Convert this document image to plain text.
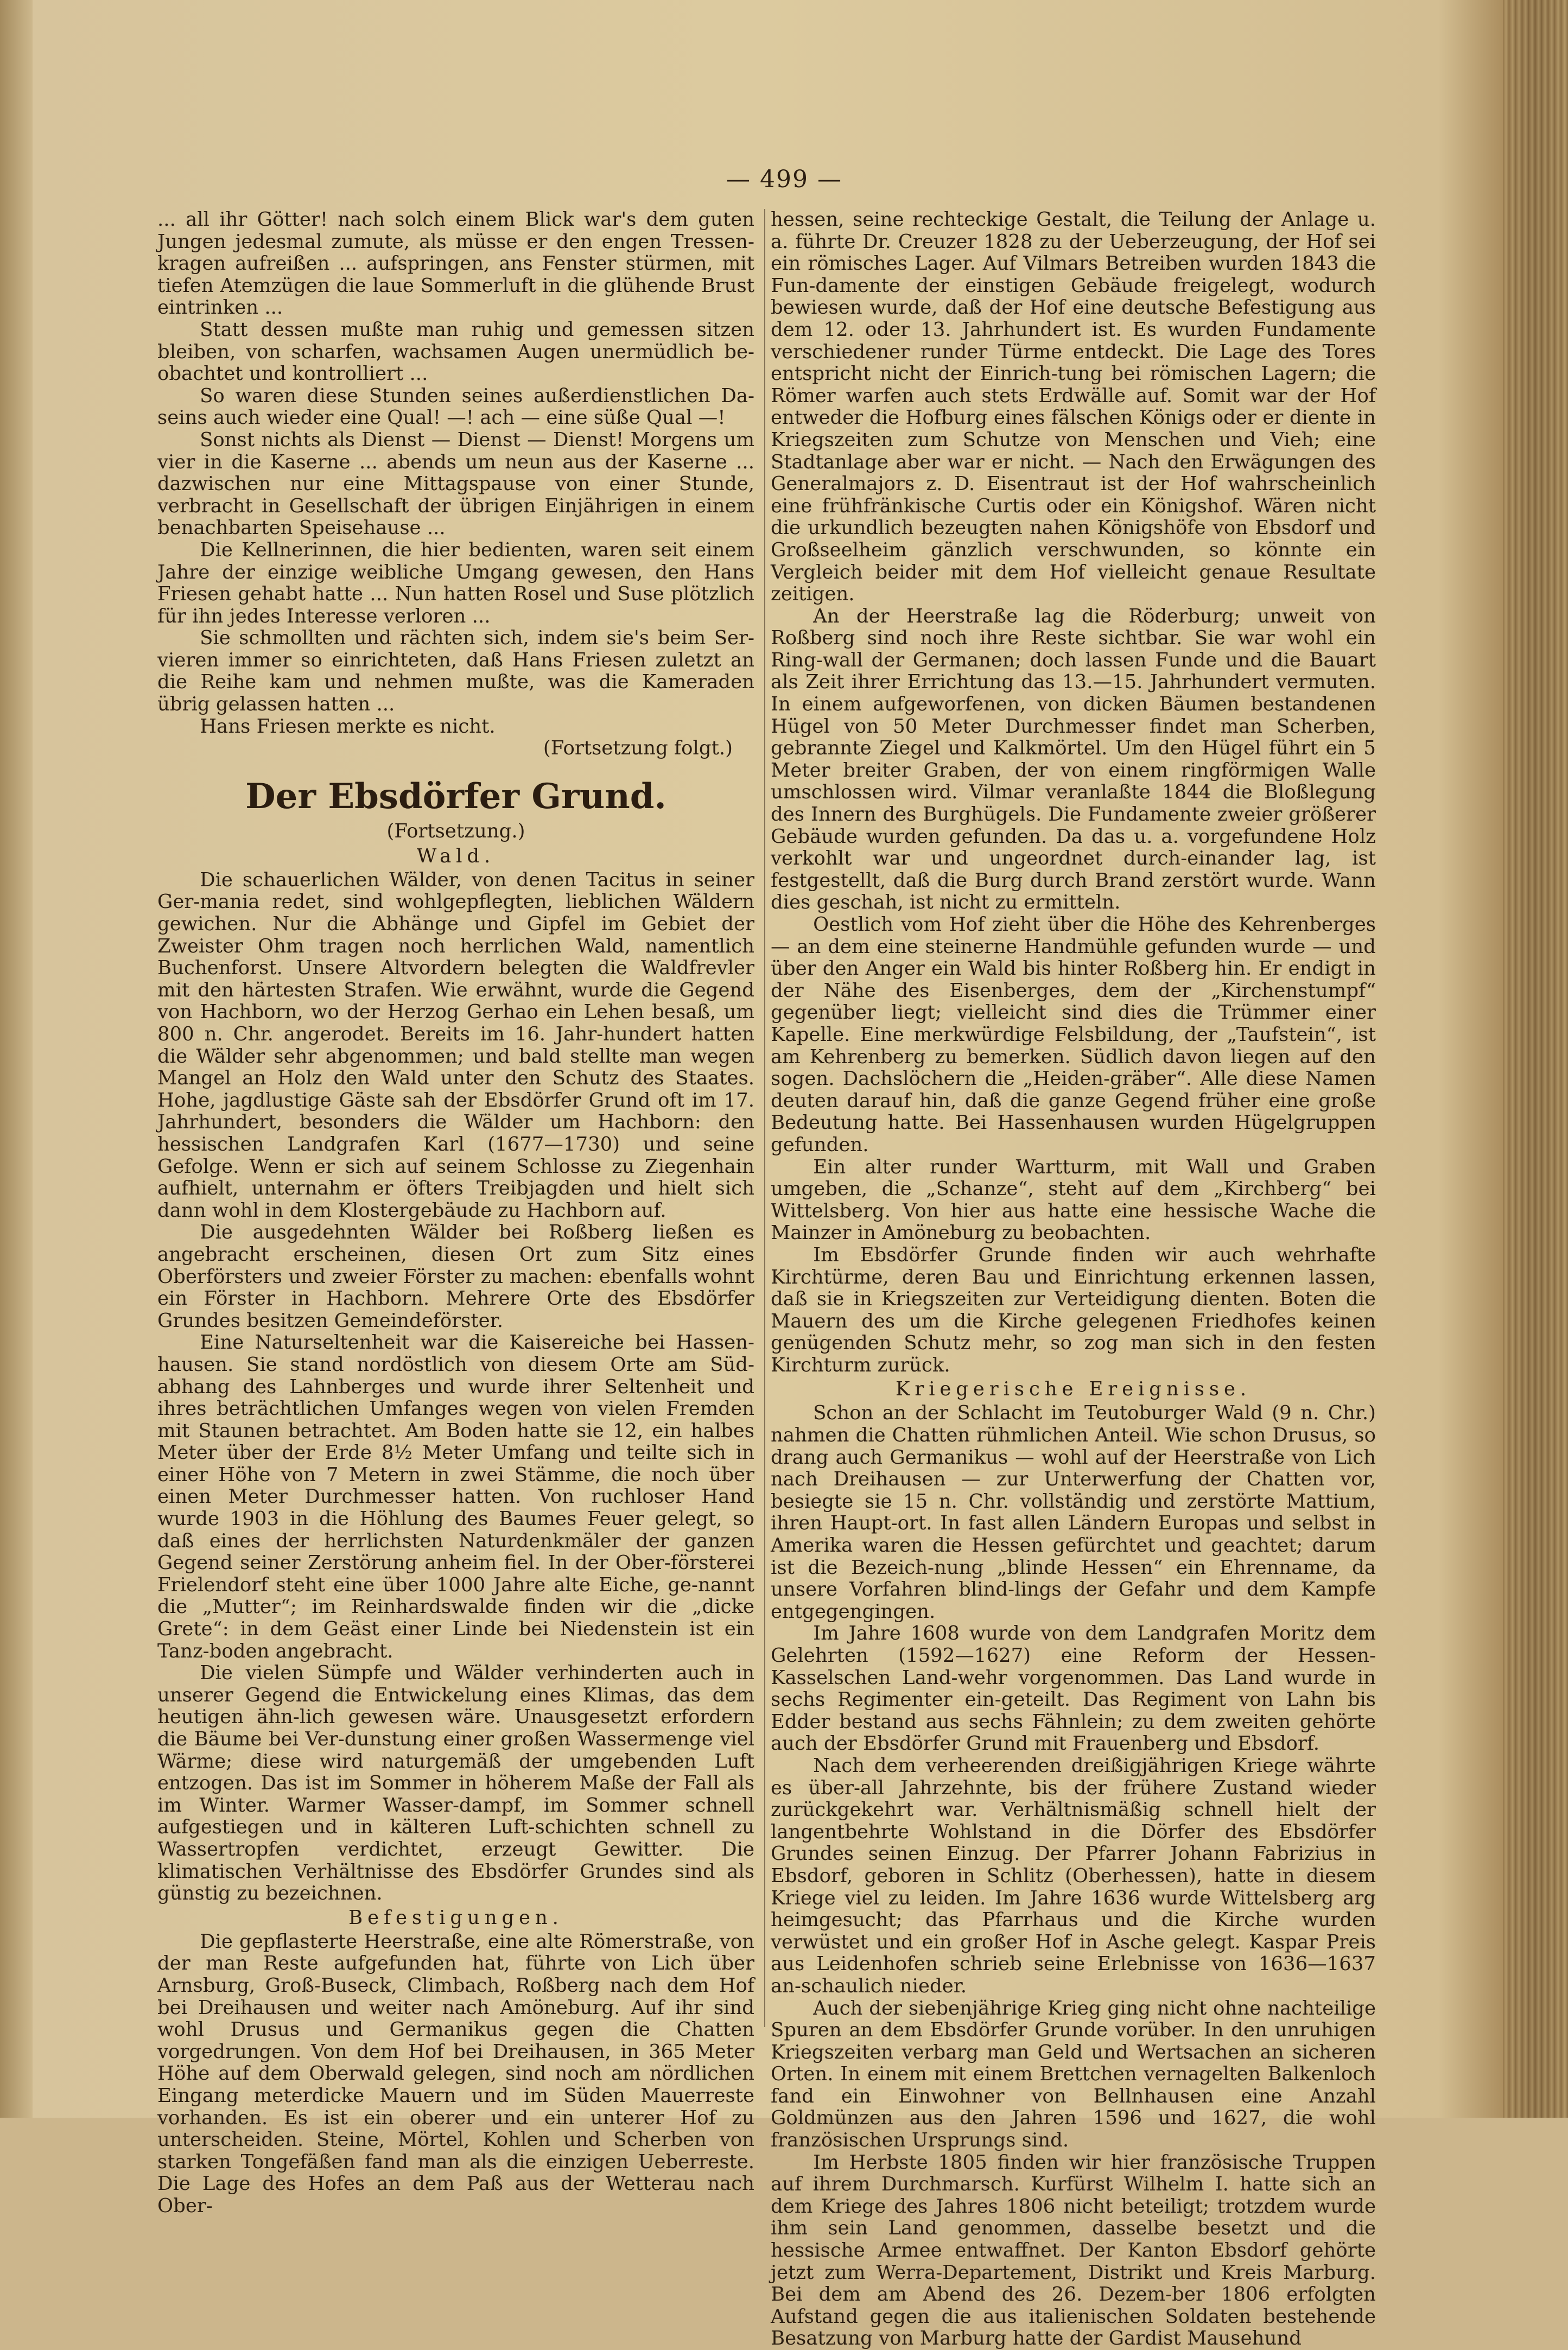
— 499 —

... all ihr Götter! nach solch einem Blick war's dem guten Jungen jedesmal zumute, als müsse er den engen Tressen-kragen aufreißen ... aufspringen, ans Fenster stürmen, mit tiefen Atemzügen die laue Sommerluft in die glühende Brust eintrinken ...

Statt dessen mußte man ruhig und gemessen sitzen bleiben, von scharfen, wachsamen Augen unermüdlich be-obachtet und kontrolliert ...

So waren diese Stunden seines außerdienstlichen Da-seins auch wieder eine Qual! —! ach — eine süße Qual —!

Sonst nichts als Dienst — Dienst — Dienst! Morgens um vier in die Kaserne ... abends um neun aus der Kaserne ... dazwischen nur eine Mittagspause von einer Stunde, verbracht in Gesellschaft der übrigen Einjährigen in einem benachbarten Speisehause ...

Die Kellnerinnen, die hier bedienten, waren seit einem Jahre der einzige weibliche Umgang gewesen, den Hans Friesen gehabt hatte ... Nun hatten Rosel und Suse plötzlich für ihn jedes Interesse verloren ...

Sie schmollten und rächten sich, indem sie's beim Ser-vieren immer so einrichteten, daß Hans Friesen zuletzt an die Reihe kam und nehmen mußte, was die Kameraden übrig gelassen hatten ...

Hans Friesen merkte es nicht.

(Fortsetzung folgt.)

Der Ebsdörfer Grund.
(Fortsetzung.)
Wald.

Die schauerlichen Wälder, von denen Tacitus in seiner Ger-mania redet, sind wohlgepflegten, lieblichen Wäldern gewichen. Nur die Abhänge und Gipfel im Gebiet der Zweister Ohm tragen noch herrlichen Wald, namentlich Buchenforst. Unsere Altvordern belegten die Waldfrevler mit den härtesten Strafen. Wie erwähnt, wurde die Gegend von Hachborn, wo der Herzog Gerhao ein Lehen besaß, um 800 n. Chr. angerodet. Bereits im 16. Jahr-hundert hatten die Wälder sehr abgenommen; und bald stellte man wegen Mangel an Holz den Wald unter den Schutz des Staates. Hohe, jagdlustige Gäste sah der Ebsdörfer Grund oft im 17. Jahrhundert, besonders die Wälder um Hachborn: den hessischen Landgrafen Karl (1677—1730) und seine Gefolge. Wenn er sich auf seinem Schlosse zu Ziegenhain aufhielt, unternahm er öfters Treibjagden und hielt sich dann wohl in dem Klostergebäude zu Hachborn auf.

Die ausgedehnten Wälder bei Roßberg ließen es angebracht erscheinen, diesen Ort zum Sitz eines Oberförsters und zweier Förster zu machen: ebenfalls wohnt ein Förster in Hachborn. Mehrere Orte des Ebsdörfer Grundes besitzen Gemeindeförster.

Eine Naturseltenheit war die Kaisereiche bei Hassen-hausen. Sie stand nordöstlich von diesem Orte am Süd-abhang des Lahnberges und wurde ihrer Seltenheit und ihres beträchtlichen Umfanges wegen von vielen Fremden mit Staunen betrachtet. Am Boden hatte sie 12, ein halbes Meter über der Erde 8½ Meter Umfang und teilte sich in einer Höhe von 7 Metern in zwei Stämme, die noch über einen Meter Durchmesser hatten. Von ruchloser Hand wurde 1903 in die Höhlung des Baumes Feuer gelegt, so daß eines der herrlichsten Naturdenkmäler der ganzen Gegend seiner Zerstörung anheim fiel. In der Ober-försterei Frielendorf steht eine über 1000 Jahre alte Eiche, ge-nannt die „Mutter“; im Reinhardswalde finden wir die „dicke Grete“: in dem Geäst einer Linde bei Niedenstein ist ein Tanz-boden angebracht.

Die vielen Sümpfe und Wälder verhinderten auch in unserer Gegend die Entwickelung eines Klimas, das dem heutigen ähn-lich gewesen wäre. Unausgesetzt erfordern die Bäume bei Ver-dunstung einer großen Wassermenge viel Wärme; diese wird naturgemäß der umgebenden Luft entzogen. Das ist im Sommer in höherem Maße der Fall als im Winter. Warmer Wasser-dampf, im Sommer schnell aufgestiegen und in kälteren Luft-schichten schnell zu Wassertropfen verdichtet, erzeugt Gewitter. Die klimatischen Verhältnisse des Ebsdörfer Grundes sind als günstig zu bezeichnen.

Befestigungen.

Die gepflasterte Heerstraße, eine alte Römerstraße, von der man Reste aufgefunden hat, führte von Lich über Arnsburg, Groß-Buseck, Climbach, Roßberg nach dem Hof bei Dreihausen und weiter nach Amöneburg. Auf ihr sind wohl Drusus und Germanikus gegen die Chatten vorgedrungen. Von dem Hof bei Dreihausen, in 365 Meter Höhe auf dem Oberwald gelegen, sind noch am nördlichen Eingang meterdicke Mauern und im Süden Mauerreste vorhanden. Es ist ein oberer und ein unterer Hof zu unterscheiden. Steine, Mörtel, Kohlen und Scherben von starken Tongefäßen fand man als die einzigen Ueberreste. Die Lage des Hofes an dem Paß aus der Wetterau nach Ober-

hessen, seine rechteckige Gestalt, die Teilung der Anlage u. a. führte Dr. Creuzer 1828 zu der Ueberzeugung, der Hof sei ein römisches Lager. Auf Vilmars Betreiben wurden 1843 die Fun-damente der einstigen Gebäude freigelegt, wodurch bewiesen wurde, daß der Hof eine deutsche Befestigung aus dem 12. oder 13. Jahrhundert ist. Es wurden Fundamente verschiedener runder Türme entdeckt. Die Lage des Tores entspricht nicht der Einrich-tung bei römischen Lagern; die Römer warfen auch stets Erdwälle auf. Somit war der Hof entweder die Hofburg eines fälschen Königs oder er diente in Kriegszeiten zum Schutze von Menschen und Vieh; eine Stadtanlage aber war er nicht. — Nach den Erwägungen des Generalmajors z. D. Eisentraut ist der Hof wahrscheinlich eine frühfränkische Curtis oder ein Königshof. Wären nicht die urkundlich bezeugten nahen Königshöfe von Ebsdorf und Großseelheim gänzlich verschwunden, so könnte ein Vergleich beider mit dem Hof vielleicht genaue Resultate zeitigen.

An der Heerstraße lag die Röderburg; unweit von Roßberg sind noch ihre Reste sichtbar. Sie war wohl ein Ring-wall der Germanen; doch lassen Funde und die Bauart als Zeit ihrer Errichtung das 13.—15. Jahrhundert vermuten. In einem aufgeworfenen, von dicken Bäumen bestandenen Hügel von 50 Meter Durchmesser findet man Scherben, gebrannte Ziegel und Kalkmörtel. Um den Hügel führt ein 5 Meter breiter Graben, der von einem ringförmigen Walle umschlossen wird. Vilmar veranlaßte 1844 die Bloßlegung des Innern des Burghügels. Die Fundamente zweier größerer Gebäude wurden gefunden. Da das u. a. vorgefundene Holz verkohlt war und ungeordnet durch-einander lag, ist festgestellt, daß die Burg durch Brand zerstört wurde. Wann dies geschah, ist nicht zu ermitteln.

Oestlich vom Hof zieht über die Höhe des Kehrenberges — an dem eine steinerne Handmühle gefunden wurde — und über den Anger ein Wald bis hinter Roßberg hin. Er endigt in der Nähe des Eisenberges, dem der „Kirchenstumpf“ gegenüber liegt; vielleicht sind dies die Trümmer einer Kapelle. Eine merkwürdige Felsbildung, der „Taufstein“, ist am Kehrenberg zu bemerken. Südlich davon liegen auf den sogen. Dachslöchern die „Heiden-gräber“. Alle diese Namen deuten darauf hin, daß die ganze Gegend früher eine große Bedeutung hatte. Bei Hassenhausen wurden Hügelgruppen gefunden.

Ein alter runder Wartturm, mit Wall und Graben umgeben, die „Schanze“, steht auf dem „Kirchberg“ bei Wittelsberg. Von hier aus hatte eine hessische Wache die Mainzer in Amöneburg zu beobachten.

Im Ebsdörfer Grunde finden wir auch wehrhafte Kirchtürme, deren Bau und Einrichtung erkennen lassen, daß sie in Kriegszeiten zur Verteidigung dienten. Boten die Mauern des um die Kirche gelegenen Friedhofes keinen genügenden Schutz mehr, so zog man sich in den festen Kirchturm zurück.

Kriegerische Ereignisse.

Schon an der Schlacht im Teutoburger Wald (9 n. Chr.) nahmen die Chatten rühmlichen Anteil. Wie schon Drusus, so drang auch Germanikus — wohl auf der Heerstraße von Lich nach Dreihausen — zur Unterwerfung der Chatten vor, besiegte sie 15 n. Chr. vollständig und zerstörte Mattium, ihren Haupt-ort. In fast allen Ländern Europas und selbst in Amerika waren die Hessen gefürchtet und geachtet; darum ist die Bezeich-nung „blinde Hessen“ ein Ehrenname, da unsere Vorfahren blind-lings der Gefahr und dem Kampfe entgegengingen.

Im Jahre 1608 wurde von dem Landgrafen Moritz dem Gelehrten (1592—1627) eine Reform der Hessen-Kasselschen Land-wehr vorgenommen. Das Land wurde in sechs Regimenter ein-geteilt. Das Regiment von Lahn bis Edder bestand aus sechs Fähnlein; zu dem zweiten gehörte auch der Ebsdörfer Grund mit Frauenberg und Ebsdorf.

Nach dem verheerenden dreißigjährigen Kriege währte es über-all Jahrzehnte, bis der frühere Zustand wieder zurückgekehrt war. Verhältnismäßig schnell hielt der langentbehrte Wohlstand in die Dörfer des Ebsdörfer Grundes seinen Einzug. Der Pfarrer Johann Fabrizius in Ebsdorf, geboren in Schlitz (Oberhessen), hatte in diesem Kriege viel zu leiden. Im Jahre 1636 wurde Wittelsberg arg heimgesucht; das Pfarrhaus und die Kirche wurden verwüstet und ein großer Hof in Asche gelegt. Kaspar Preis aus Leidenhofen schrieb seine Erlebnisse von 1636—1637 an-schaulich nieder.

Auch der siebenjährige Krieg ging nicht ohne nachteilige Spuren an dem Ebsdörfer Grunde vorüber. In den unruhigen Kriegszeiten verbarg man Geld und Wertsachen an sicheren Orten. In einem mit einem Brettchen vernagelten Balkenloch fand ein Einwohner von Bellnhausen eine Anzahl Goldmünzen aus den Jahren 1596 und 1627, die wohl französischen Ursprungs sind.

Im Herbste 1805 finden wir hier französische Truppen auf ihrem Durchmarsch. Kurfürst Wilhelm I. hatte sich an dem Kriege des Jahres 1806 nicht beteiligt; trotzdem wurde ihm sein Land genommen, dasselbe besetzt und die hessische Armee entwaffnet. Der Kanton Ebsdorf gehörte jetzt zum Werra-Departement, Distrikt und Kreis Marburg. Bei dem am Abend des 26. Dezem-ber 1806 erfolgten Aufstand gegen die aus italienischen Soldaten bestehende Besatzung von Marburg hatte der Gardist Mausehund
